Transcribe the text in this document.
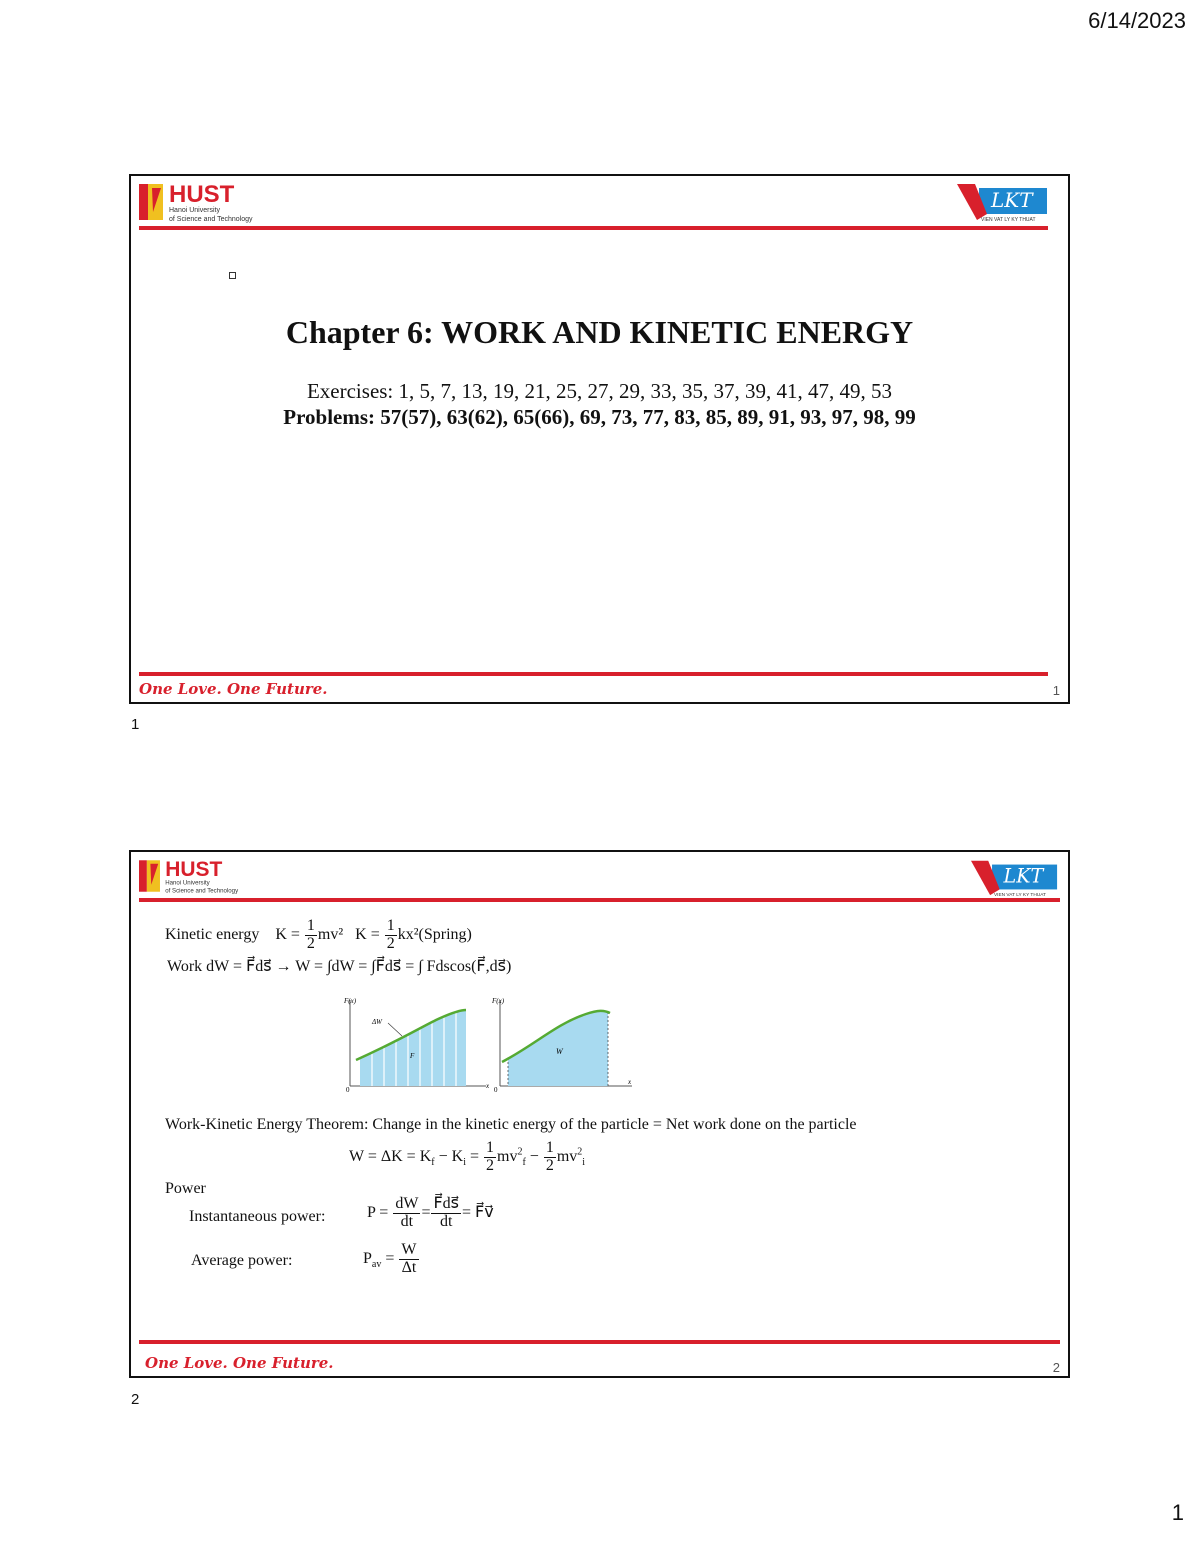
6/14/2023
HUST
Hanoi University
of Science and Technology
LKT
VIEN VAT LY KY THUAT
Chapter 6: WORK AND KINETIC ENERGY
Exercises: 1, 5, 7, 13, 19, 21, 25, 27, 29, 33, 35, 37, 39, 41, 47, 49, 53
Problems: 57(57), 63(62), 65(66), 69, 73, 77, 83, 85, 89, 91, 93, 97, 98, 99
One Love. One Future.	1
1
HUST
Hanoi University
of Science and Technology
LKT
VIEN VAT LY KY THUAT
Kinetic energy $K = \frac{1}{2} mv^2$ $K = \frac{1}{2}$ kx²(Spring)
Work dW = F⃗ds⃗ → W = ∫dW = ∫F⃗ds⃗ = ∫ Fdscos(F⃗,ds⃗)
F(x)
ΔW
F
0	x
F(x)
W
0
x
Work-Kinetic Energy Theorem: Change in the kinetic energy of the particle = Net work done on the particle
$W = \Delta K = K_f - K_i = \frac{1}{2} mv^2_f - \frac{1}{2} mv^2_i$
Power
Instantaneous power:	$P = \frac{dW}{dt} = \frac{F⃗ds⃗}{dt}$ = F⃗v⃗
Average power:	$P_{av} = \frac{W}{\Delta t}$
One Love. One Future.	2
2
1
